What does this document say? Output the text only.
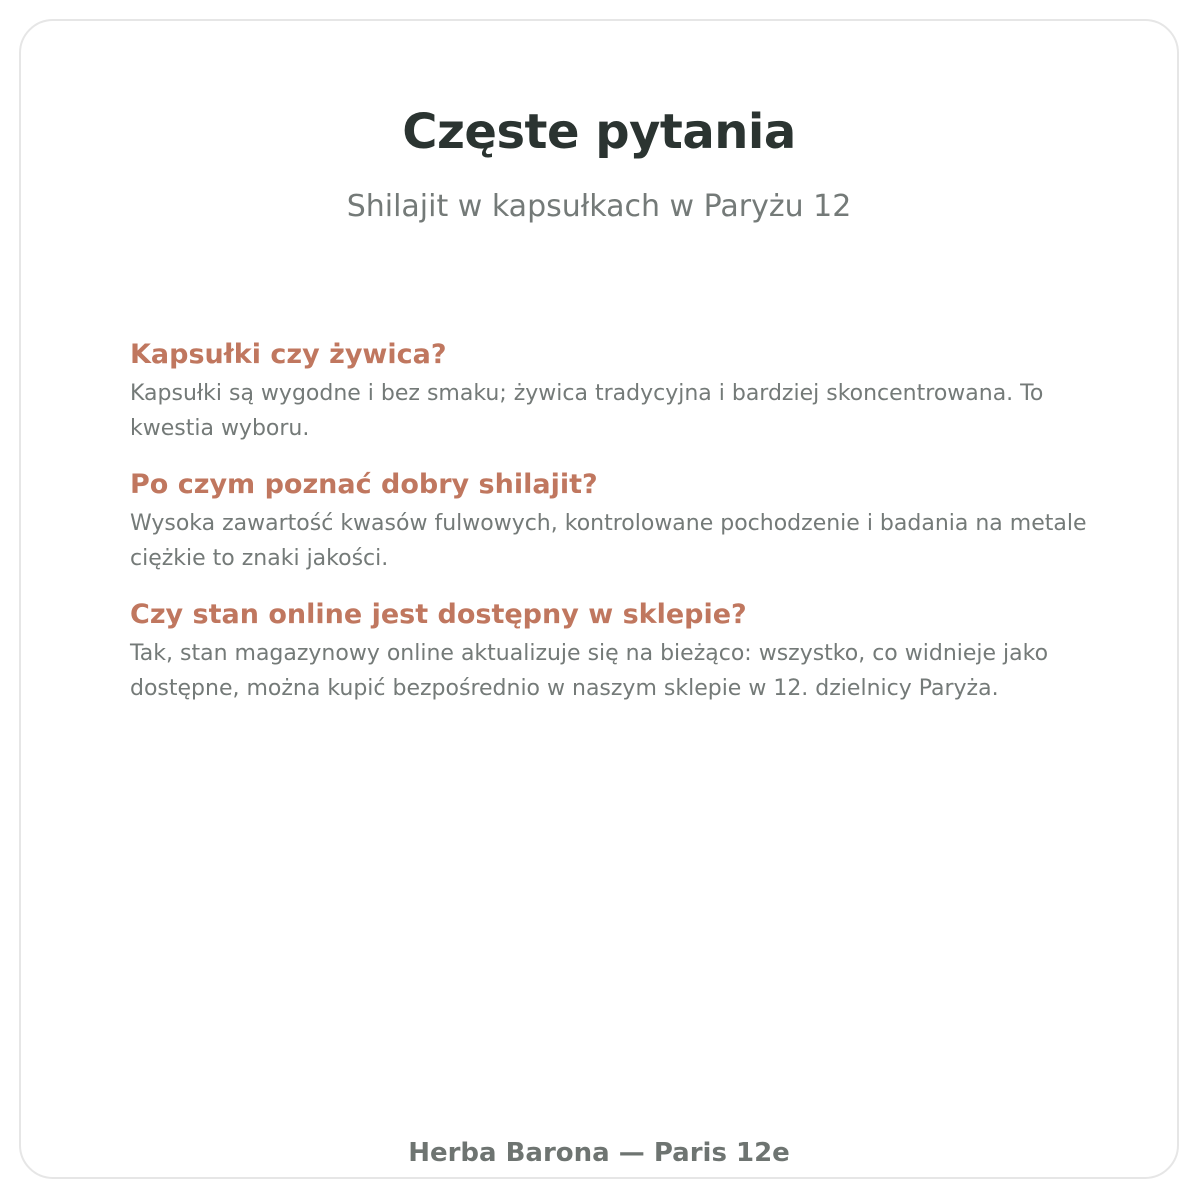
Częste pytania
Shilajit w kapsułkach w Paryżu 12

Kapsułki czy żywica?

Kapsułki są wygodne i bez smaku; żywica tradycyjna i bardziej skoncentrowana. To kwestia wyboru.

Po czym poznać dobry shilajit?

Wysoka zawartość kwasów fulwowych, kontrolowane pochodzenie i badania na metale ciężkie to znaki jakości.

Czy stan online jest dostępny w sklepie?

Tak, stan magazynowy online aktualizuje się na bieżąco: wszystko, co widnieje jako dostępne, można kupić bezpośrednio w naszym sklepie w 12. dzielnicy Paryża.

Herba Barona — Paris 12e
